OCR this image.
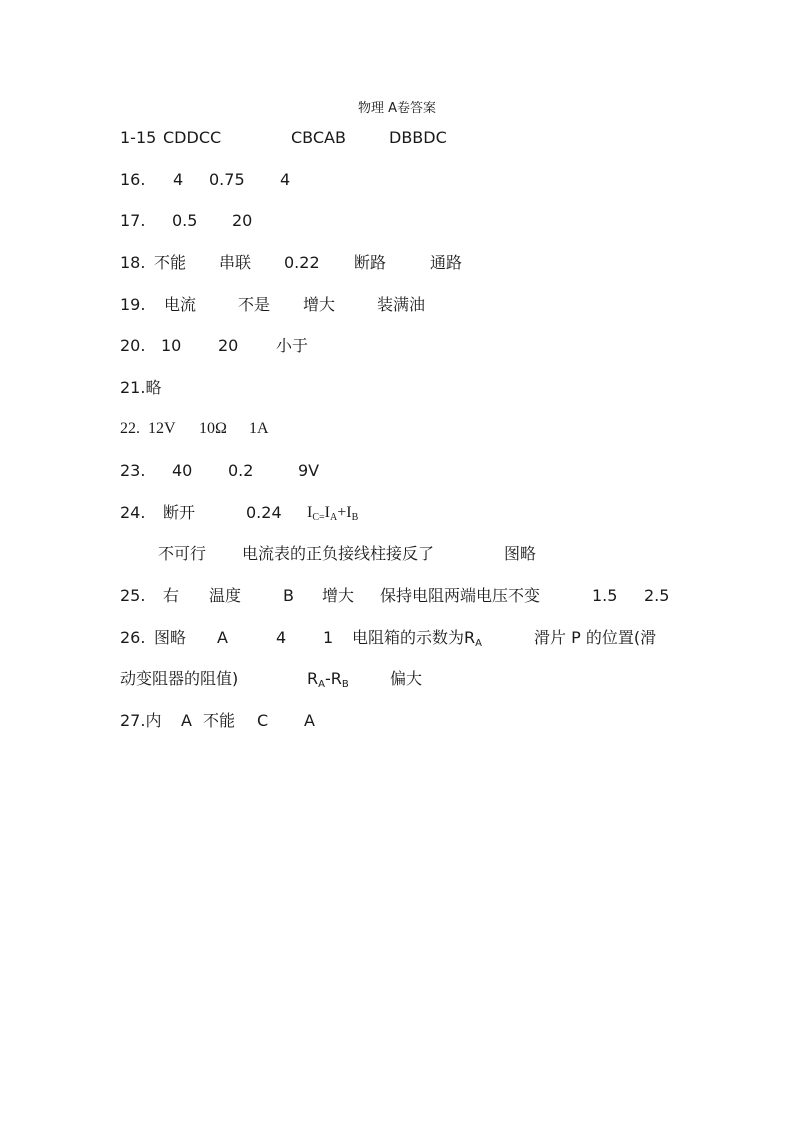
物理 A卷答案
1-15 CDDCC	CBCAB	DBBDC
16. 4 0.75 4
17. 0.5 20
18. 不能 串联 0.22 断路	通路
19. 电流	不是 增大	装满油
20. 10 20 小于
21.略
22. 12V 10Ω 1A
23. 40 0.2	9V
24. 断开	0.24 $I_{C=}I_A+I_B$
不可行 电流表的正负接线柱接反了	图略
25. 右 温度	B 增大 保持电阻两端电压不变	1.5 2.5
26. 图略 A	4 1 电阻箱的示数为$R_A$	滑片 P 的位置(滑
动变阻器的阻值)	$R_A-R_B$	偏大
27.内 A 不能 C A
